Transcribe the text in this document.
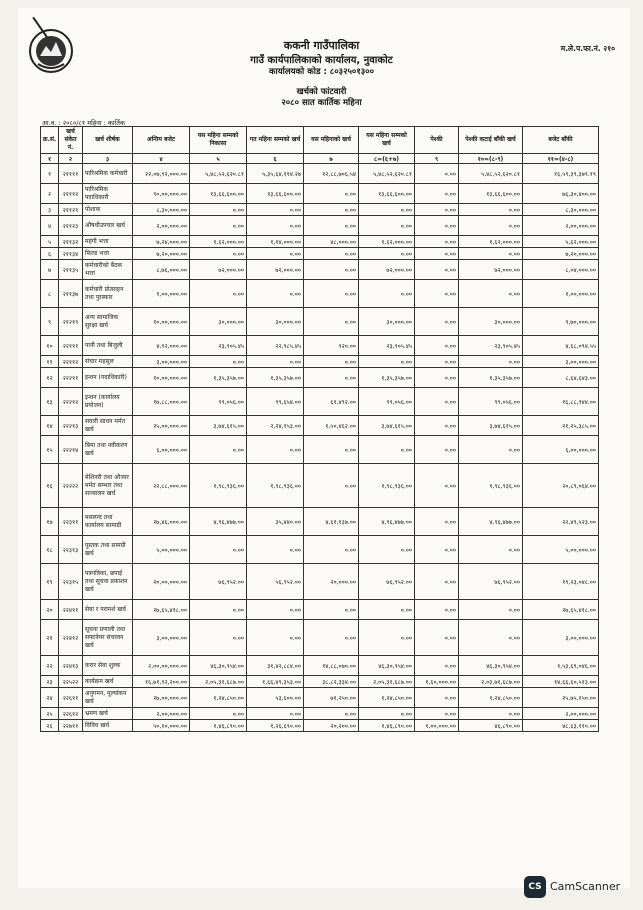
ककनी गाउँपालिका
गाउँ कार्यपालिकाको कार्यालय, नुवाकोट
कार्यालयको कोड : ८०३२५०१३००
खर्चको फांटवारी
२०८० सात कार्तिक महिना
म.ले.प.फा.नं. २१०
आ.व. : २०८०/८१ महिना : कार्तिक
क्र.सं.	खर्च संकेत नं.	खर्च शीर्षक	अन्तिम बजेट	यस महिना सम्मको निकासा	गत महिना सम्मको खर्च	यस महिनाको खर्च	यस महिना सम्मको खर्च	पेश्की	पेश्की कटाई बाँकी खर्च	बजेट बाँकी
१	२	३	४	५	६	७	८=(६+७)	९	१०=(८-९)	११=(४-८)
१	२११११	पारिश्रमिक कर्मचारी	२२,०७,९२,०००.००	५,४८,५२,६२०.८१	५,३५,६४,११४.२७	१२,८८,७०६.५४	५,४८,५२,६२०.८१	०.००	५,४८,५२,६२०.८१	१६,५९,३९,३७९.१९
२	२१११२	पारिश्रमिक पदाधिकारी	९०,००,०००.००	१३,६६,६००.००	१३,६६,६००.००	०.००	१३,६६,६००.००	०.००	१३,६६,६००.००	७६,३०,४००.००
३	२११२१	पोशाक	८,३०,०००.००	०.००	०.००	०.००	०.००	०.००	०.००	८,३०,०००.००
४	२११२३	औषधीउपचार खर्च	२,००,०००.००	०.००	०.००	०.००	०.००	०.००	०.००	२,००,०००.००
५	२११३२	महंगी भत्ता	७,२४,०००.००	१,६२,०००.००	१,१४,०००.००	४८,०००.००	१,६२,०००.००	०.००	१,६२,०००.००	५,६२,०००.००
६	२११३४	फिल्ड भत्ता	७,२०,०००.००	०.००	०.००	०.००	०.००	०.००	०.००	७,२०,०००.००
७	२११३५	कर्मचारीको बैठक भत्ता	८,७६,०००.००	७२,०००.००	७२,०००.००	०.००	७२,०००.००	०.००	७२,०००.००	८,०४,०००.००
८	२११३७	कर्मचारी प्रोत्साहन तथा पुरस्कार	१,००,०००.००	०.००	०.००	०.००	०.००	०.००	०.००	१,००,०००.००
९	२१२१९	अन्य सामाजिक सुरक्षा खर्च	१०,००,०००.००	३०,०००.००	३०,०००.००	०.००	३०,०००.००	०.००	३०,०००.००	९,७०,०००.००
१०	२२१११	पानी तथा बिजुली	४,९२,०००.००	२३,९०५.४५	२२,९८५.४५	९२०.००	२३,९०५.४५	०.००	२३,९०५.४५	४,६८,०९४.५५
११	२२११२	संचार महसुल	३,००,०००.००	०.००	०.००	०.००	०.००	०.००	०.००	३,००,०००.००
१२	२२२११	इन्धन (पदाधिकारी)	१०,००,०००.००	१,३५,३५७.००	१,३५,३५७.००	०.००	१,३५,३५७.००	०.००	१,३५,३५७.००	८,६४,६४३.००
१३	२२२१२	इन्धन (कार्यालय प्रयोजन)	१७,८८,०००.००	९९,०५६.००	९९,६५४.००	६१,४९२.००	९९,०५६.००	०.००	९९,०५६.००	१६,८८,९४४.००
१४	२२२१३	सवारी साधन मर्मत खर्च	२५,००,०००.००	३,७४,६१५.००	२,२४,१५३.००	१,५०,४६२.००	३,७४,६१५.००	०.००	३,७४,६१५.००	२१,२५,३८५.००
१५	२२२१४	बिमा तथा नवीकरण खर्च	६,००,०००.००	०.००	०.००	०.००	०.००	०.००	०.००	६,००,०००.००
१६	२२२२२	मेशिनरी तथा औजार मर्मत सम्भार तथा सञ्चालन खर्च	२२,८८,०००.००	१,९८,९३६.००	१,९८,९३६.००	०.००	१,९८,९३६.००	०.००	१,९८,९३६.००	२०,८९,०६४.००
१७	२२३११	मसलन्द तथा कार्यालय सामाग्री	२७,४६,०००.००	४,९६,४७७.००	३५,४४०.००	४,६१,१३७.००	४,९६,४७७.००	०.००	४,९६,४७७.००	२२,४९,५२३.००
१८	२२३१३	पुस्तक तथा सामग्री खर्च	५,००,०००.००	०.००	०.००	०.००	०.००	०.००	०.००	५,००,०००.००
१९	२२३१५	पत्रपत्रिका, छपाई तथा सूचना प्रकाशन खर्च	२०,००,०००.००	७६,९५२.००	५६,९५२.००	२०,०००.००	७६,९५२.००	०.००	७६,९५२.००	१९,२३,०४८.००
२०	२२४११	सेवा र परामर्श खर्च	२७,६५,४१८.००	०.००	०.००	०.००	०.००	०.००	०.००	२७,६५,४१८.००
२१	२२४१२	सूचना प्रणाली तथा सफ्टवेयर संचालन खर्च	३,००,०००.००	०.००	०.००	०.००	०.००	०.००	०.००	३,००,०००.००
२२	२२४१३	करार सेवा शुल्क	२,००,००,०००.००	४६,३०,९५४.००	३१,४२,८८४.००	१४,८८,०७०.००	४६,३०,९५४.००	०.००	४६,३०,९५४.००	१,५३,६९,०४६.००
२३	२२५२२	कार्यक्रम खर्च	१६,७१,९२,२००.००	२,०५,३१,६८७.००	१,६६,४९,३५३.००	३८,८२,३३४.००	२,०५,३१,६८७.००	१,६०,०००.००	२,०३,७१,६८७.००	१४,६६,६०,५१३.००
२४	२२६११	अनुगमन, मूल्यांकन खर्च	२७,००,०००.००	१,२४,८५०.००	५३,६००.००	७१,२५०.००	१,२४,८५०.००	०.००	१,२४,८५०.००	२५,७५,१५०.००
२५	२२६१२	भ्रमण खर्च	२,००,०००.००	०.००	०.००	०.००	०.००	०.००	०.००	२,००,०००.००
२६	२२७११	विविध खर्च	५०,१०,०००.००	१,४६,८९०.००	१,२६,६९०.००	२०,२००.००	१,४६,८९०.००	१,००,०००.००	४६,८९०.००	४८,६३,११०.००
CS CamScanner
